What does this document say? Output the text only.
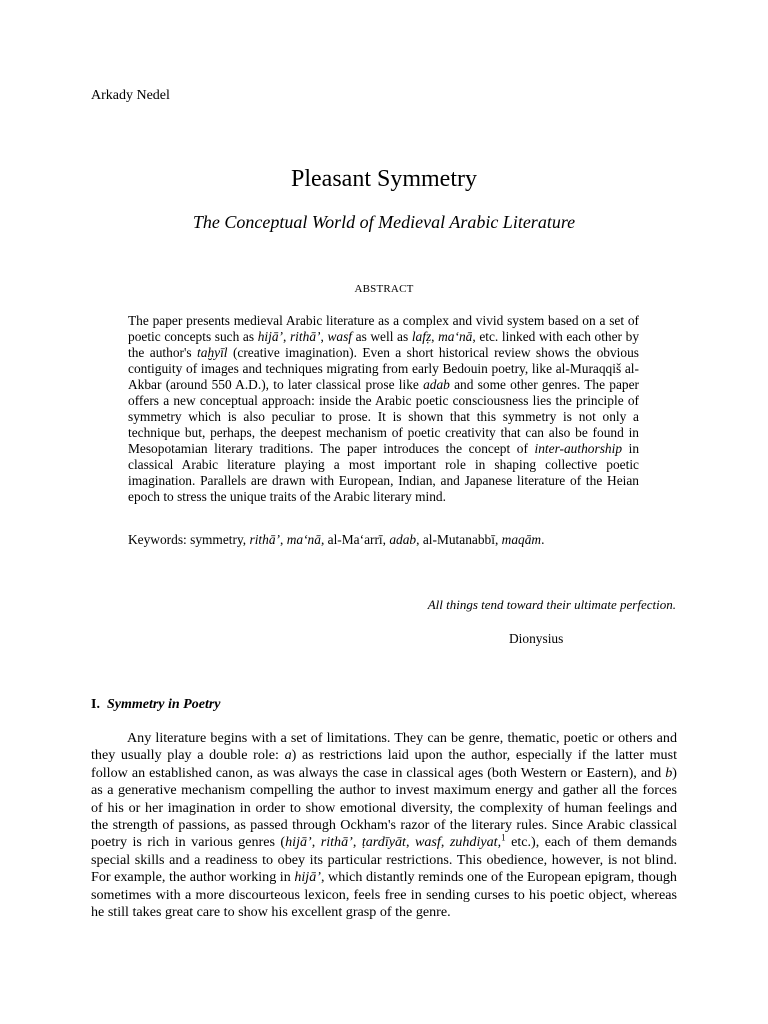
Arkady Nedel
Pleasant Symmetry
The Conceptual World of Medieval Arabic Literature
ABSTRACT
The paper presents medieval Arabic literature as a complex and vivid system based on a set of poetic concepts such as hijā’, rithā’, wasf as well as lafẓ, ma‘nā, etc. linked with each other by the author's taḫyīl (creative imagination). Even a short historical review shows the obvious contiguity of images and techniques migrating from early Bedouin poetry, like al-Muraqqiš al-Akbar (around 550 A.D.), to later classical prose like adab and some other genres. The paper offers a new conceptual approach: inside the Arabic poetic consciousness lies the principle of symmetry which is also peculiar to prose. It is shown that this symmetry is not only a technique but, perhaps, the deepest mechanism of poetic creativity that can also be found in Mesopotamian literary traditions. The paper introduces the concept of inter-authorship in classical Arabic literature playing a most important role in shaping collective poetic imagination. Parallels are drawn with European, Indian, and Japanese literature of the Heian epoch to stress the unique traits of the Arabic literary mind.
Keywords: symmetry, rithā’, ma‘nā, al-Ma‘arrī, adab, al-Mutanabbī, maqām.
All things tend toward their ultimate perfection.
Dionysius
I. Symmetry in Poetry
Any literature begins with a set of limitations. They can be genre, thematic, poetic or others and they usually play a double role: a) as restrictions laid upon the author, especially if the latter must follow an established canon, as was always the case in classical ages (both Western or Eastern), and b) as a generative mechanism compelling the author to invest maximum energy and gather all the forces of his or her imagination in order to show emotional diversity, the complexity of human feelings and the strength of passions, as passed through Ockham's razor of the literary rules. Since Arabic classical poetry is rich in various genres (hijā’, rithā’, ṭardīyāt, wasf, zuhdiyat,$^1$ etc.), each of them demands special skills and a readiness to obey its particular restrictions. This obedience, however, is not blind. For example, the author working in hijā’, which distantly reminds one of the European epigram, though sometimes with a more discourteous lexicon, feels free in sending curses to his poetic object, whereas he still takes great care to show his excellent grasp of the genre.
